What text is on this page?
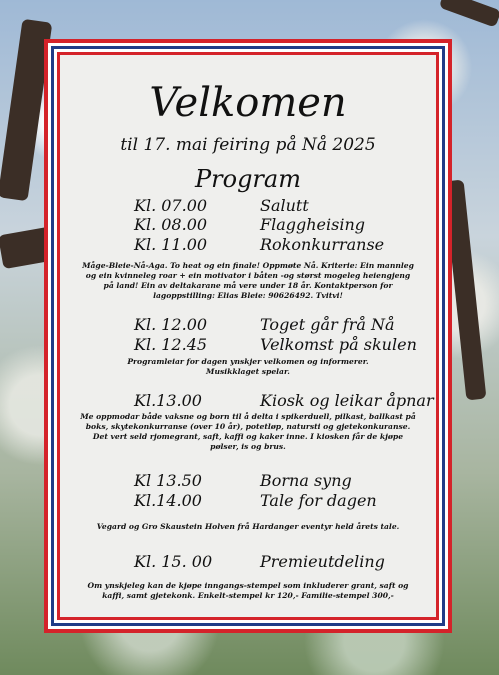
Velkomen
til 17. mai feiring på Nå 2025
Program
Kl. 07.00	Salutt
Kl. 08.00	Flaggheising
Kl. 11.00	Rokonkurranse
Måge-Bleie-Nå-Aga. To heat og ein finale! Oppmøte Nå. Kriterie: Ein mannleg og ein kvinneleg roar + ein motivator i båten -og størst mogeleg heiengjeng på land! Ein av deltakarane må vere under 18 år. Kontaktperson for lagoppstilling: Elias Bleie: 90626492. Tvitvi!
Kl. 12.00	Toget går frå Nå
Kl. 12.45	Velkomst på skulen
Programleiar for dagen ynskjer velkomen og informerer. Musikklaget spelar.
Kl.13.00	Kiosk og leikar åpnar
Me oppmodar både vaksne og born til å delta i spikerduell, pilkast, ballkast på boks, skytekonkurranse (over 10 år), potetløp, natursti og gjetekonkuranse. Det vert seld rjomegrant, saft, kaffi og kaker inne. I kiosken får de kjøpe pølser, is og brus.
Kl 13.50	Borna syng
Kl.14.00	Tale for dagen
Vegard og Gro Skaustein Holven frå Hardanger eventyr held årets tale.
Kl. 15. 00	Premieutdeling
Om ynskjeleg kan de kjøpe inngangs-stempel som inkluderer grant, saft og kaffi, samt gjetekonk. Enkelt-stempel kr 120,- Familie-stempel 300,-
